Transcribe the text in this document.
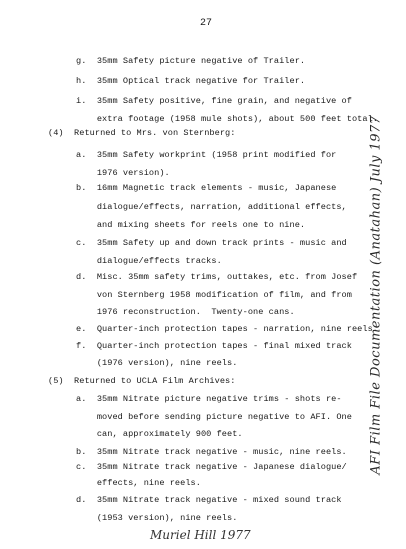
27
g.  35mm Safety picture negative of Trailer.
h.  35mm Optical track negative for Trailer.
i.  35mm Safety positive, fine grain, and negative of
extra footage (1958 mule shots), about 500 feet total.
(4)  Returned to Mrs. von Sternberg:
a.  35mm Safety workprint (1958 print modified for
1976 version).
b.  16mm Magnetic track elements - music, Japanese
dialogue/effects, narration, additional effects,
and mixing sheets for reels one to nine.
c.  35mm Safety up and down track prints - music and
dialogue/effects tracks.
d.  Misc. 35mm safety trims, outtakes, etc. from Josef
von Sternberg 1958 modification of film, and from
1976 reconstruction.  Twenty-one cans.
e.  Quarter-inch protection tapes - narration, nine reels.
f.  Quarter-inch protection tapes - final mixed track
(1976 version), nine reels.
(5)  Returned to UCLA Film Archives:
a.  35mm Nitrate picture negative trims - shots re-
moved before sending picture negative to AFI. One
can, approximately 900 feet.
b.  35mm Nitrate track negative - music, nine reels.
c.  35mm Nitrate track negative - Japanese dialogue/
effects, nine reels.
d.  35mm Nitrate track negative - mixed sound track
(1953 version), nine reels.
AFI Film File Documentation (Anatahan) July 1977
Muriel Hill 1977
